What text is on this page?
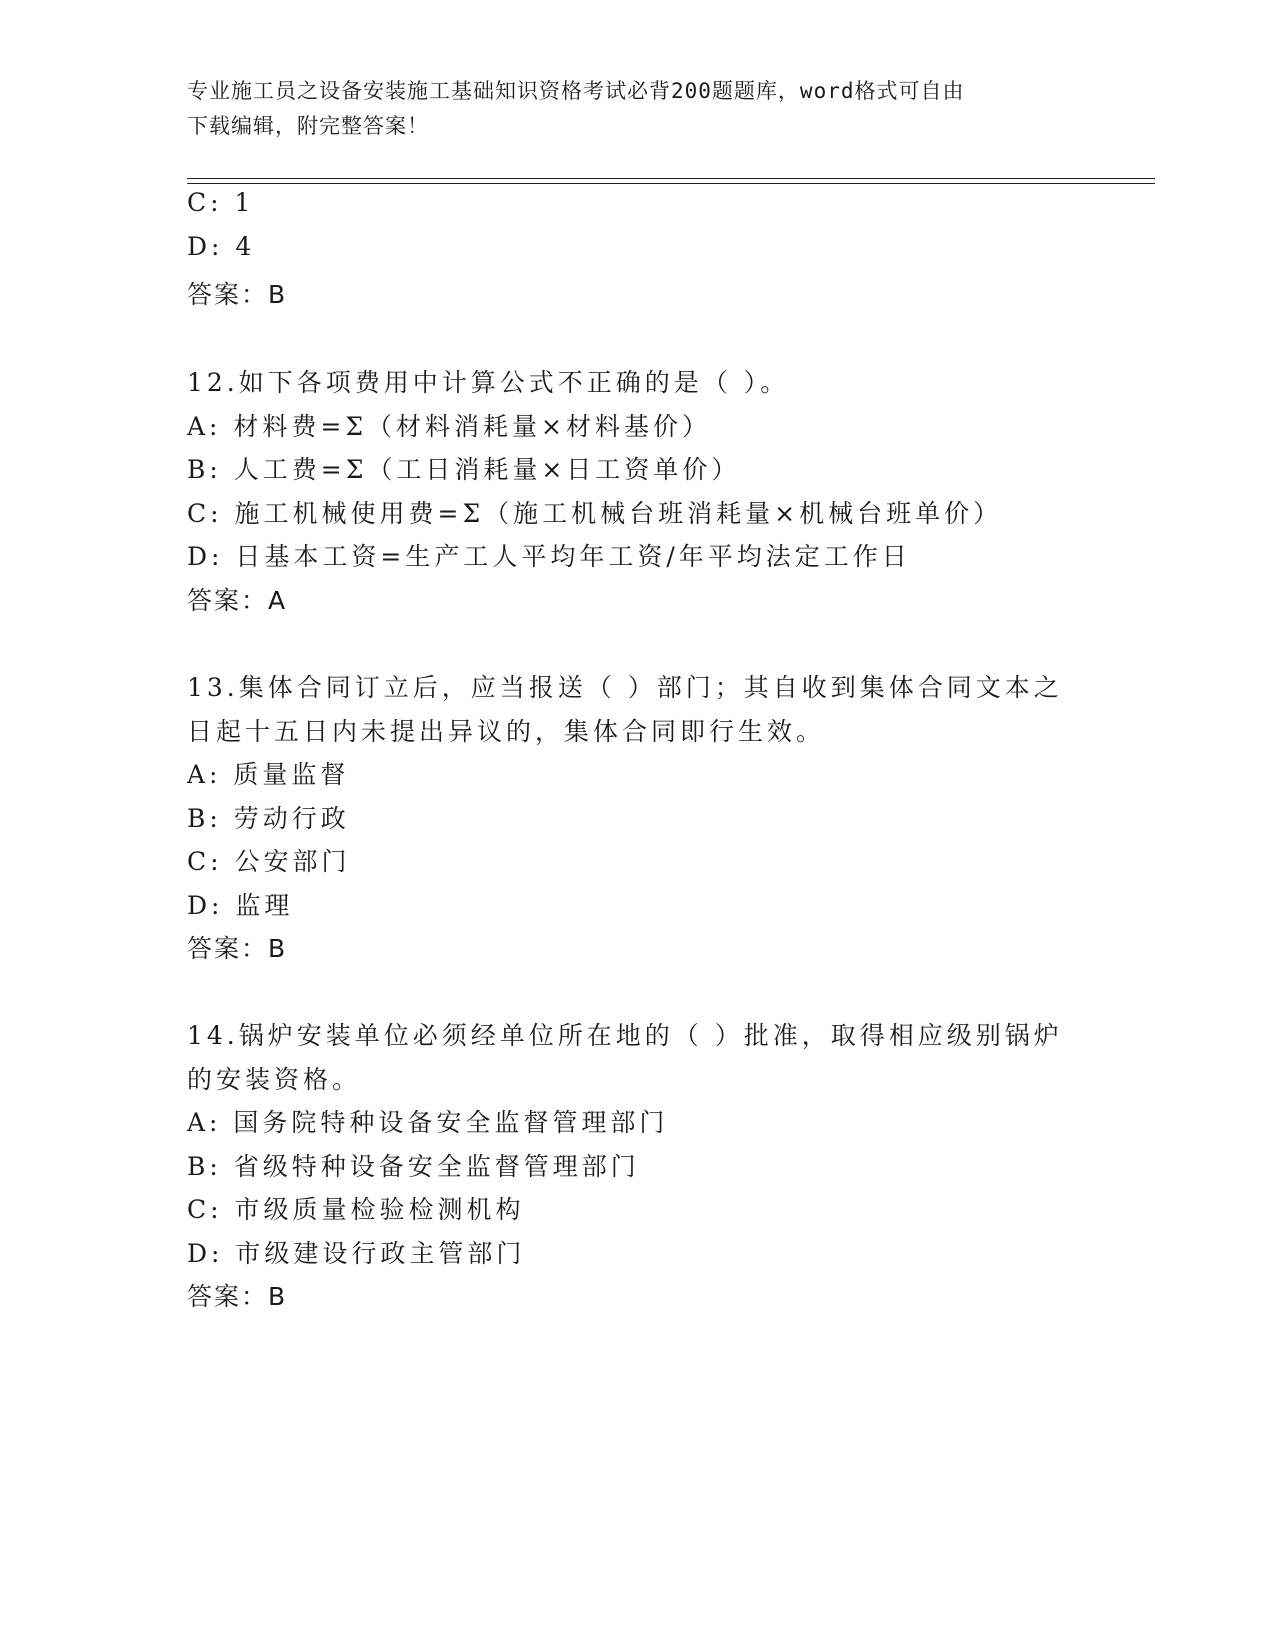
专业施工员之设备安装施工基础知识资格考试必背200题题库，word格式可自由
下载编辑，附完整答案！
C: 1
D: 4
答案：B
12.如下各项费用中计算公式不正确的是（ ）。
A: 材料费=Σ（材料消耗量×材料基价）
B: 人工费=Σ（工日消耗量×日工资单价）
C: 施工机械使用费=Σ（施工机械台班消耗量×机械台班单价）
D: 日基本工资=生产工人平均年工资/年平均法定工作日
答案：A
13.集体合同订立后，应当报送（ ）部门；其自收到集体合同文本之
日起十五日内未提出异议的，集体合同即行生效。
A: 质量监督
B: 劳动行政
C: 公安部门
D: 监理
答案：B
14.锅炉安装单位必须经单位所在地的（ ）批准，取得相应级别锅炉
的安装资格。
A: 国务院特种设备安全监督管理部门
B: 省级特种设备安全监督管理部门
C: 市级质量检验检测机构
D: 市级建设行政主管部门
答案：B
